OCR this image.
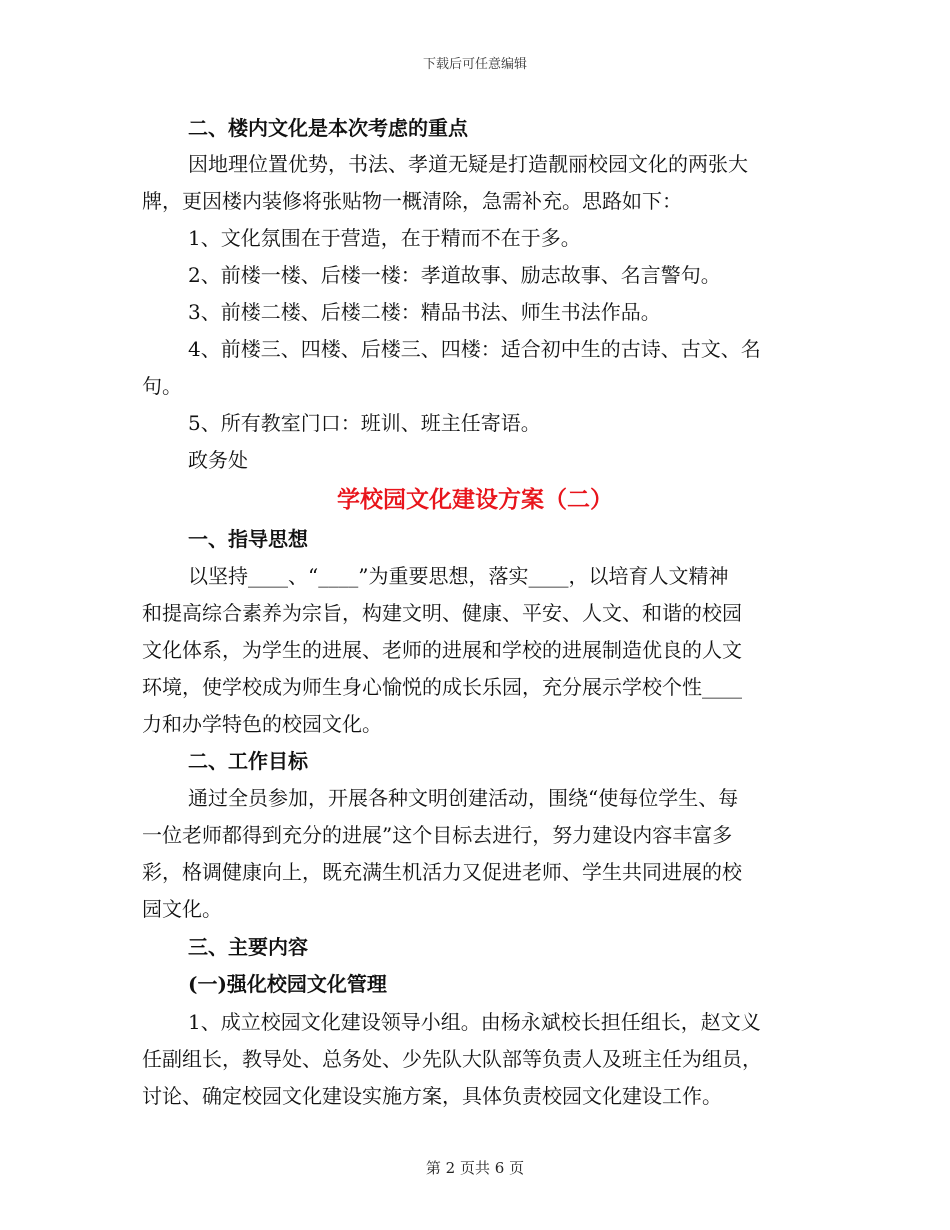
下载后可任意编辑
二、楼内文化是本次考虑的重点
因地理位置优势，书法、孝道无疑是打造靓丽校园文化的两张大
牌，更因楼内装修将张贴物一概清除，急需补充。思路如下：
1、文化氛围在于营造，在于精而不在于多。
2、前楼一楼、后楼一楼：孝道故事、励志故事、名言警句。
3、前楼二楼、后楼二楼：精品书法、师生书法作品。
4、前楼三、四楼、后楼三、四楼：适合初中生的古诗、古文、名
句。
5、所有教室门口：班训、班主任寄语。
政务处
学校园文化建设方案（二）
一、指导思想
以坚持____、“____”为重要思想，落实____，以培育人文精神
和提高综合素养为宗旨，构建文明、健康、平安、人文、和谐的校园
文化体系，为学生的进展、老师的进展和学校的进展制造优良的人文
环境，使学校成为师生身心愉悦的成长乐园，充分展示学校个性____
力和办学特色的校园文化。
二、工作目标
通过全员参加，开展各种文明创建活动，围绕“使每位学生、每
一位老师都得到充分的进展”这个目标去进行，努力建设内容丰富多
彩，格调健康向上，既充满生机活力又促进老师、学生共同进展的校
园文化。
三、主要内容
(一)强化校园文化管理
1、成立校园文化建设领导小组。由杨永斌校长担任组长，赵文义
任副组长，教导处、总务处、少先队大队部等负责人及班主任为组员，
讨论、确定校园文化建设实施方案，具体负责校园文化建设工作。
第 2 页共 6 页
